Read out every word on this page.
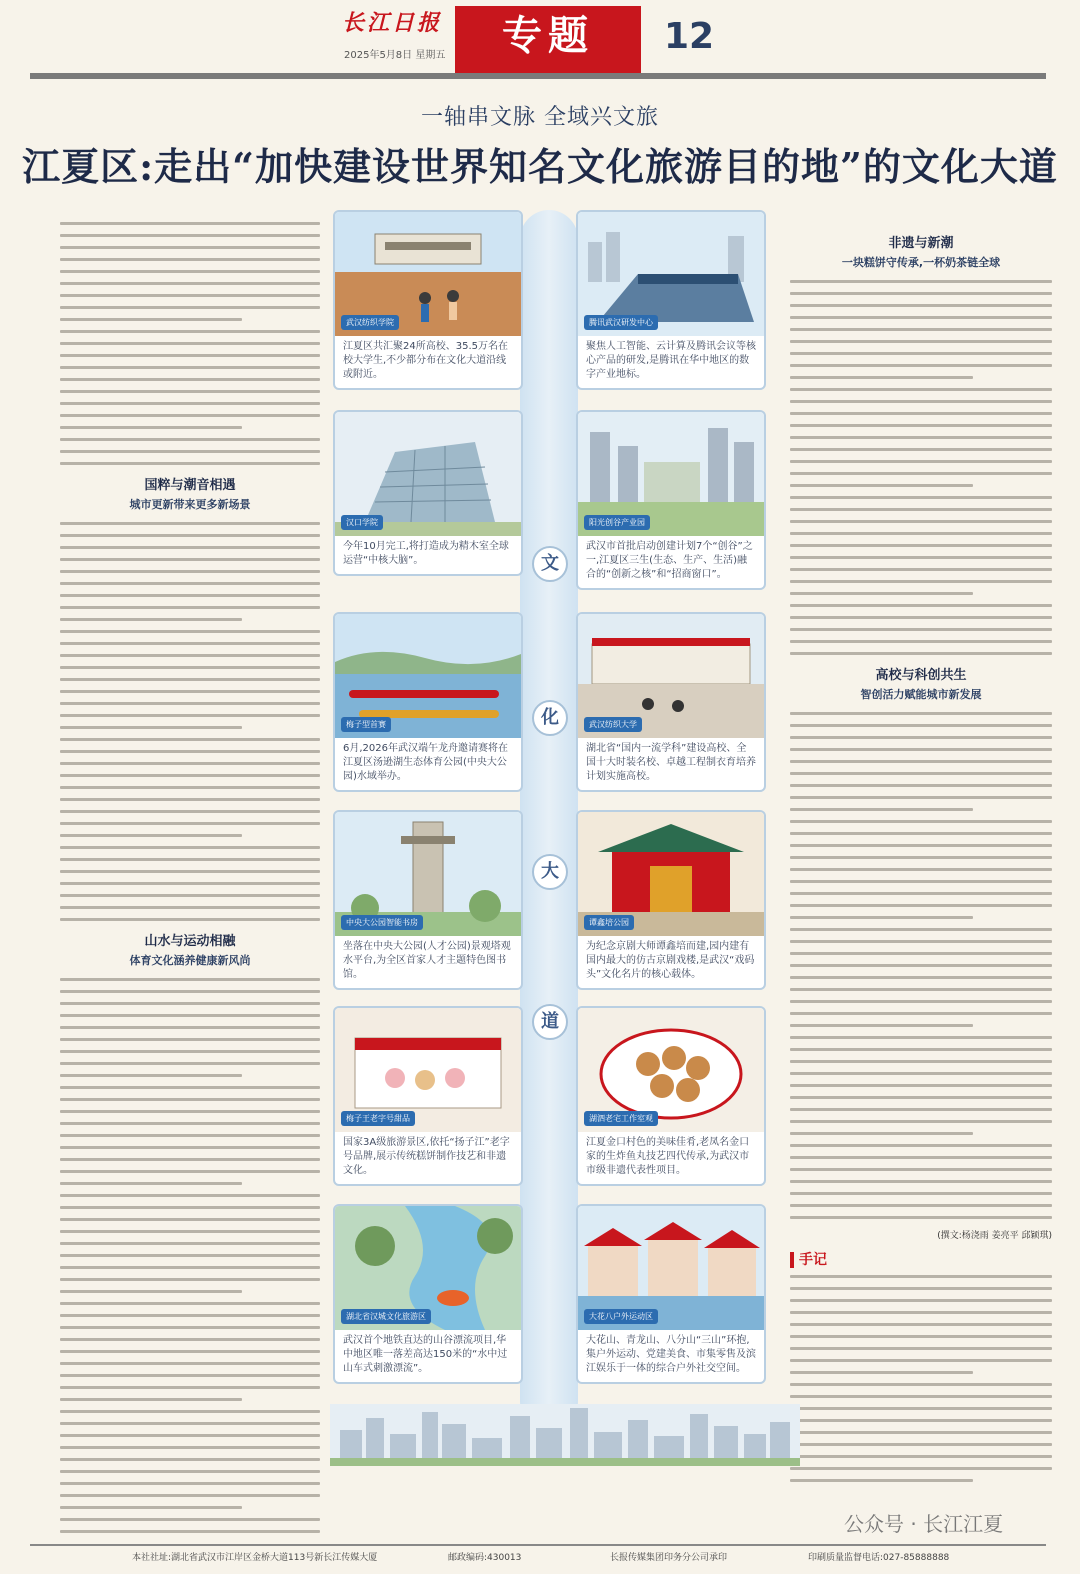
长江日报
2025年5月8日 星期五	专题	12
一轴串文脉 全域兴文旅
江夏区:走出“加快建设世界知名文化旅游目的地”的文化大道
文
化
大
道
武汉纺织学院
江夏区共汇聚24所高校、35.5万名在校大学生,不少都分布在文化大道沿线或附近。
汉口学院
今年10月完工,将打造成为精木室全球运营“中核大脑”。
梅子型首赛
6月,2026年武汉端午龙舟邀请赛将在江夏区汤逊湖生态体育公园(中央大公园)水域举办。
中央大公园智能书房
坐落在中央大公园(人才公园)景观塔观水平台,为全区首家人才主题特色图书馆。
梅子王老字号甜品
国家3A级旅游景区,依托“扬子江”老字号品牌,展示传统糕饼制作技艺和非遗文化。
湖北省汉城文化旅游区
武汉首个地铁直达的山谷漂流项目,华中地区唯一落差高达150米的“水中过山车式刺激漂流”。
腾讯武汉研发中心
聚焦人工智能、云计算及腾讯会议等核心产品的研发,是腾讯在华中地区的数字产业地标。
阳光创谷产业园
武汉市首批启动创建计划7个“创谷”之一,江夏区三生(生态、生产、生活)融合的“创新之核”和“招商窗口”。
武汉纺织大学
湖北省“国内一流学科”建设高校、全国十大时装名校、卓越工程制衣育培养计划实施高校。
谭鑫培公园
为纪念京剧大师谭鑫培而建,园内建有国内最大的仿古京剧戏楼,是武汉“戏码头”文化名片的核心载体。
湖泗老宅工作室观
江夏金口村色的美味佳肴,老凤名金口家的生炸鱼丸技艺四代传承,为武汉市市级非遗代表性项目。
大花八户外运动区
大花山、青龙山、八分山“三山”环抱,集户外运动、党建美食、市集零售及滨江娱乐于一体的综合户外社交空间。
国粹与潮音相遇
城市更新带来更多新场景
山水与运动相融
体育文化涵养健康新风尚
非遗与新潮
一块糕饼守传承,一杯奶茶链全球
高校与科创共生
智创活力赋能城市新发展
(撰文:杨浇雨 姜亮平 邱颖琪)
手记
公众号 · 长江江夏
本社社址:湖北省武汉市江岸区金桥大道113号新长江传媒大厦	邮政编码:430013	长报传媒集团印务分公司承印	印刷质量监督电话:027-85888888
